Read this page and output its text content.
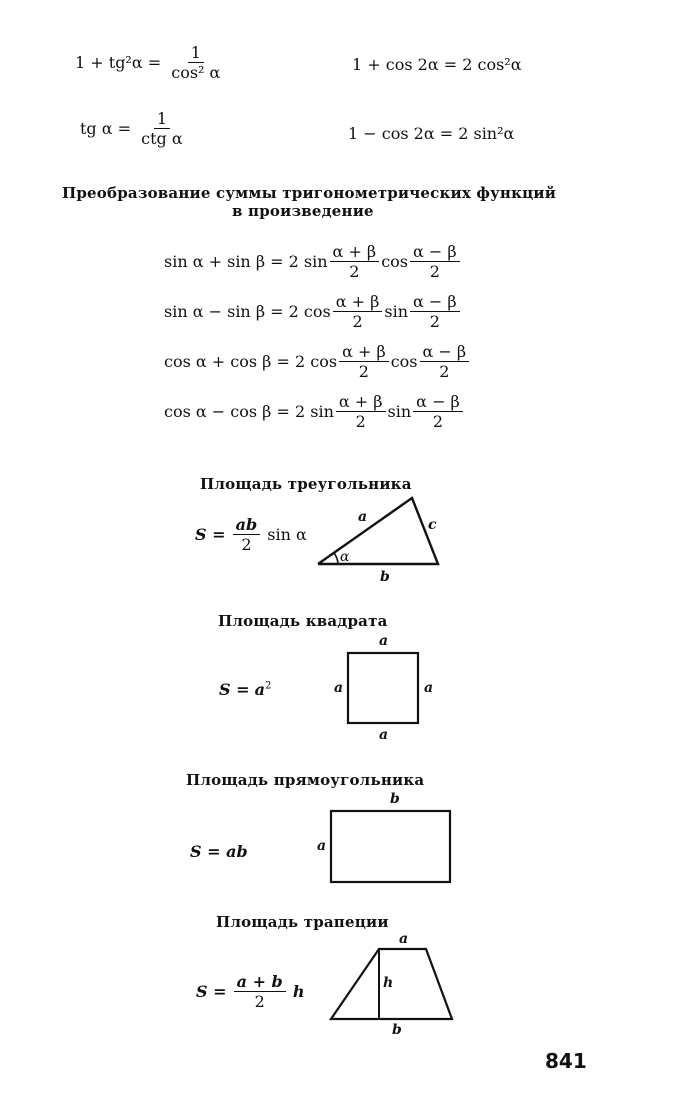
$1 + tg^2\alpha = \frac{1}{\text{cos² α}}$	1 + cos 2α = 2 cos²α
tg $\alpha = \frac{1}{\text{ctg α}}$	1 − cos 2α = 2 sin²α
Преобразование суммы тригонометрических функций
в произведение
sin α + sin β = 2 $\sin \frac{\alpha + \beta}{2}$ $\cos \frac{\alpha - \beta}{2}$
sin α − sin β = 2 $\cos \frac{\alpha + \beta}{2}$ $\sin \frac{\alpha - \beta}{2}$
cos α + cos β = 2 $\cos \frac{\alpha + \beta}{2}$ $\cos \frac{\alpha - \beta}{2}$
cos α − cos β = 2 $\sin \frac{\alpha + \beta}{2}$ $\sin \frac{\alpha - \beta}{2}$
Площадь треугольника
$S = \frac{ab}{2}$ sin α
a	c
b
α
Площадь квадрата
$S = a^2$
a
a	a
a
Площадь прямоугольника
S = ab
b
a
Площадь трапеции
$S = \frac{a + b}{2}$ h
a
h
b
841
